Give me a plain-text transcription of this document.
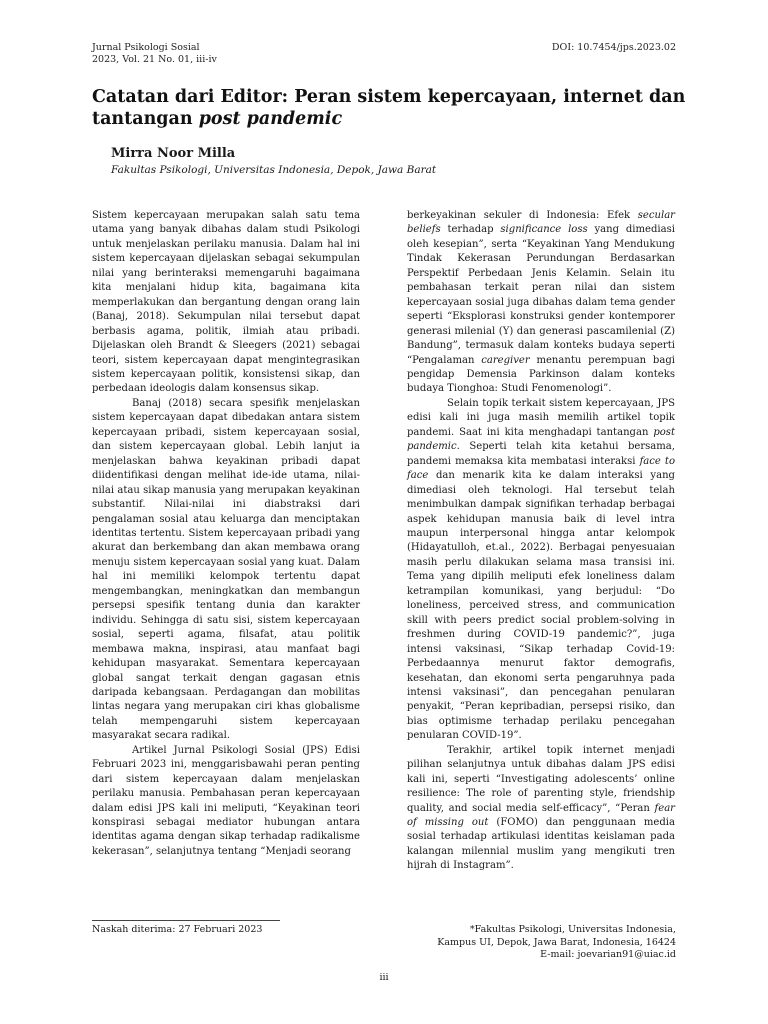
Jurnal Psikologi Sosial
2023, Vol. 21 No. 01, iii-iv
DOI: 10.7454/jps.2023.02
Catatan dari Editor: Peran sistem kepercayaan, internet dan tantangan post pandemic
Mirra Noor Milla
Fakultas Psikologi, Universitas Indonesia, Depok, Jawa Barat

Sistem kepercayaan merupakan salah satu tema utama yang banyak dibahas dalam studi Psikologi untuk menjelaskan perilaku manusia. Dalam hal ini sistem kepercayaan dijelaskan sebagai sekumpulan nilai yang berinteraksi memengaruhi bagaimana kita menjalani hidup kita, bagaimana kita memperlakukan dan bergantung dengan orang lain (Banaj, 2018). Sekumpulan nilai tersebut dapat berbasis agama, politik, ilmiah atau pribadi. Dijelaskan oleh Brandt & Sleegers (2021) sebagai teori, sistem kepercayaan dapat mengintegrasikan sistem kepercayaan politik, konsistensi sikap, dan perbedaan ideologis dalam konsensus sikap.

Banaj (2018) secara spesifik menjelaskan sistem kepercayaan dapat dibedakan antara sistem kepercayaan pribadi, sistem kepercayaan sosial, dan sistem kepercayaan global. Lebih lanjut ia menjelaskan bahwa keyakinan pribadi dapat diidentifikasi dengan melihat ide-ide utama, nilai-nilai atau sikap manusia yang merupakan keyakinan substantif. Nilai-nilai ini diabstraksi dari pengalaman sosial atau keluarga dan menciptakan identitas tertentu. Sistem kepercayaan pribadi yang akurat dan berkembang dan akan membawa orang menuju sistem kepercayaan sosial yang kuat. Dalam hal ini memiliki kelompok tertentu dapat mengembangkan, meningkatkan dan membangun persepsi spesifik tentang dunia dan karakter individu. Sehingga di satu sisi, sistem kepercayaan sosial, seperti agama, filsafat, atau politik membawa makna, inspirasi, atau manfaat bagi kehidupan masyarakat. Sementara kepercayaan global sangat terkait dengan gagasan etnis daripada kebangsaan. Perdagangan dan mobilitas lintas negara yang merupakan ciri khas globalisme telah mempengaruhi sistem kepercayaan masyarakat secara radikal.

Artikel Jurnal Psikologi Sosial (JPS) Edisi Februari 2023 ini, menggarisbawahi peran penting dari sistem kepercayaan dalam menjelaskan perilaku manusia. Pembahasan peran kepercayaan dalam edisi JPS kali ini meliputi, “Keyakinan teori konspirasi sebagai mediator hubungan antara identitas agama dengan sikap terhadap radikalisme kekerasan”, selanjutnya tentang “Menjadi seorang

berkeyakinan sekuler di Indonesia: Efek secular beliefs terhadap significance loss yang dimediasi oleh kesepian”, serta “Keyakinan Yang Mendukung Tindak Kekerasan Perundungan Berdasarkan Perspektif Perbedaan Jenis Kelamin. Selain itu pembahasan terkait peran nilai dan sistem kepercayaan sosial juga dibahas dalam tema gender seperti “Eksplorasi konstruksi gender kontemporer generasi milenial (Y) dan generasi pascamilenial (Z) Bandung”, termasuk dalam konteks budaya seperti “Pengalaman caregiver menantu perempuan bagi pengidap Demensia Parkinson dalam konteks budaya Tionghoa: Studi Fenomenologi”.

Selain topik terkait sistem kepercayaan, JPS edisi kali ini juga masih memilih artikel topik pandemi. Saat ini kita menghadapi tantangan post pandemic. Seperti telah kita ketahui bersama, pandemi memaksa kita membatasi interaksi face to face dan menarik kita ke dalam interaksi yang dimediasi oleh teknologi. Hal tersebut telah menimbulkan dampak signifikan terhadap berbagai aspek kehidupan manusia baik di level intra maupun interpersonal hingga antar kelompok (Hidayatulloh, et.al., 2022). Berbagai penyesuaian masih perlu dilakukan selama masa transisi ini. Tema yang dipilih meliputi efek loneliness dalam ketrampilan komunikasi, yang berjudul: “Do loneliness, perceived stress, and communication skill with peers predict social problem-solving in freshmen during COVID-19 pandemic?”, juga intensi vaksinasi, “Sikap terhadap Covid-19: Perbedaannya menurut faktor demografis, kesehatan, dan ekonomi serta pengaruhnya pada intensi vaksinasi”, dan pencegahan penularan penyakit, “Peran kepribadian, persepsi risiko, dan bias optimisme terhadap perilaku pencegahan penularan COVID-19”.

Terakhir, artikel topik internet menjadi pilihan selanjutnya untuk dibahas dalam JPS edisi kali ini, seperti “Investigating adolescents’ online resilience: The role of parenting style, friendship quality, and social media self-efficacy”, “Peran fear of missing out (FOMO) dan penggunaan media sosial terhadap artikulasi identitas keislaman pada kalangan milennial muslim yang mengikuti tren hijrah di Instagram”.

Naskah diterima: 27 Februari 2023	*Fakultas Psikologi, Universitas Indonesia,
Kampus UI, Depok, Jawa Barat, Indonesia, 16424
E-mail: joevarian91@uiac.id
iii
